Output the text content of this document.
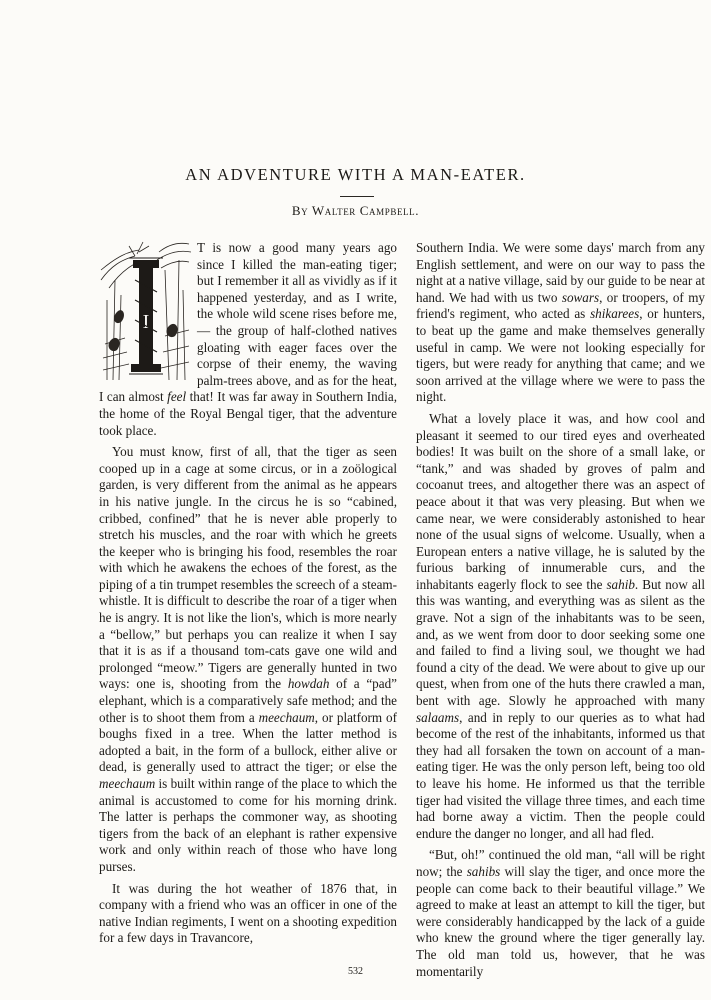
AN ADVENTURE WITH A MAN-EATER.

By Walter Campbell.

I

T is now a good many years ago since I killed the man-eating tiger; but I remember it all as vividly as if it happened yesterday, and as I write, the whole wild scene rises before me,— the group of half-clothed natives gloating with eager faces over the corpse of their enemy, the waving palm-trees above, and as for the heat, I can almost feel that! It was far away in Southern India, the home of the Royal Bengal tiger, that the adventure took place.

You must know, first of all, that the tiger as seen cooped up in a cage at some circus, or in a zoölogical garden, is very different from the animal as he appears in his native jungle. In the circus he is so “cabined, cribbed, confined” that he is never able properly to stretch his muscles, and the roar with which he greets the keeper who is bringing his food, resembles the roar with which he awakens the echoes of the forest, as the piping of a tin trumpet resembles the screech of a steam-whistle. It is difficult to describe the roar of a tiger when he is angry. It is not like the lion's, which is more nearly a “bellow,” but perhaps you can realize it when I say that it is as if a thousand tom-cats gave one wild and prolonged “meow.” Tigers are generally hunted in two ways: one is, shooting from the howdah of a “pad” elephant, which is a comparatively safe method; and the other is to shoot them from a meechaum, or platform of boughs fixed in a tree. When the latter method is adopted a bait, in the form of a bullock, either alive or dead, is generally used to attract the tiger; or else the meechaum is built within range of the place to which the animal is accustomed to come for his morning drink. The latter is perhaps the commoner way, as shooting tigers from the back of an elephant is rather expensive work and only within reach of those who have long purses.

It was during the hot weather of 1876 that, in company with a friend who was an officer in one of the native Indian regiments, I went on a shooting expedition for a few days in Travancore,

Southern India. We were some days' march from any English settlement, and were on our way to pass the night at a native village, said by our guide to be near at hand. We had with us two sowars, or troopers, of my friend's regiment, who acted as shikarees, or hunters, to beat up the game and make themselves generally useful in camp. We were not looking especially for tigers, but were ready for anything that came; and we soon arrived at the village where we were to pass the night.

What a lovely place it was, and how cool and pleasant it seemed to our tired eyes and overheated bodies! It was built on the shore of a small lake, or “tank,” and was shaded by groves of palm and cocoanut trees, and altogether there was an aspect of peace about it that was very pleasing. But when we came near, we were considerably astonished to hear none of the usual signs of welcome. Usually, when a European enters a native village, he is saluted by the furious barking of innumerable curs, and the inhabitants eagerly flock to see the sahib. But now all this was wanting, and everything was as silent as the grave. Not a sign of the inhabitants was to be seen, and, as we went from door to door seeking some one and failed to find a living soul, we thought we had found a city of the dead. We were about to give up our quest, when from one of the huts there crawled a man, bent with age. Slowly he approached with many salaams, and in reply to our queries as to what had become of the rest of the inhabitants, informed us that they had all forsaken the town on account of a man-eating tiger. He was the only person left, being too old to leave his home. He informed us that the terrible tiger had visited the village three times, and each time had borne away a victim. Then the people could endure the danger no longer, and all had fled.

“But, oh!” continued the old man, “all will be right now; the sahibs will slay the tiger, and once more the people can come back to their beautiful village.” We agreed to make at least an attempt to kill the tiger, but were considerably handicapped by the lack of a guide who knew the ground where the tiger generally lay. The old man told us, however, that he was momentarily

532
